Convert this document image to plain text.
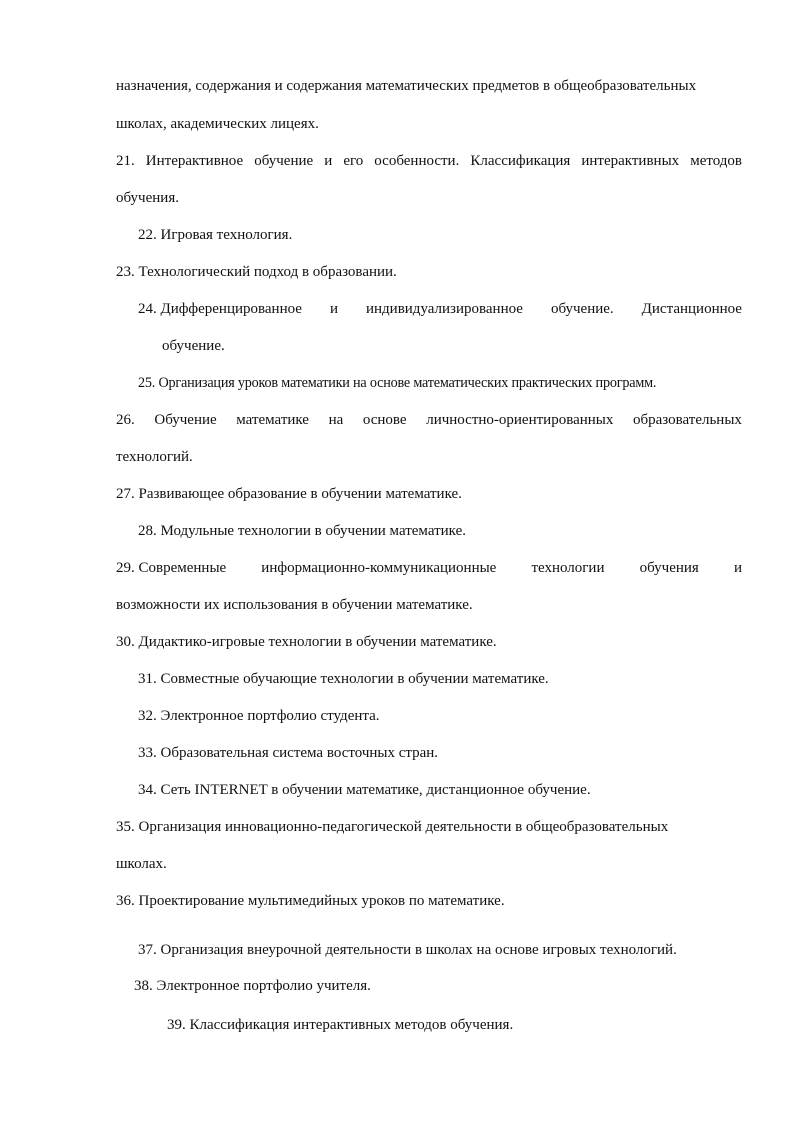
назначения, содержания и содержания математических предметов в общеобразовательных
школах, академических лицеях.
21. Интерактивное обучение и его особенности. Классификация интерактивных методов
обучения.
22. Игровая технология.
23. Технологический подход в образовании.
24. Дифференцированное и индивидуализированное обучение. Дистанционное
обучение.
25. Организация уроков математики на основе математических практических программ.
26. Обучение математике на основе личностно-ориентированных образовательных
технологий.
27. Развивающее образование в обучении математике.
28. Модульные технологии в обучении математике.
29. Современные информационно-коммуникационные технологии обучения и
возможности их использования в обучении математике.
30. Дидактико-игровые технологии в обучении математике.
31. Совместные обучающие технологии в обучении математике.
32. Электронное портфолио студента.
33. Образовательная система восточных стран.
34. Сеть INTERNET в обучении математике, дистанционное обучение.
35. Организация инновационно-педагогической деятельности в общеобразовательных
школах.
36. Проектирование мультимедийных уроков по математике.
37. Организация внеурочной деятельности в школах на основе игровых технологий.
38. Электронное портфолио учителя.
39. Классификация интерактивных методов обучения.
